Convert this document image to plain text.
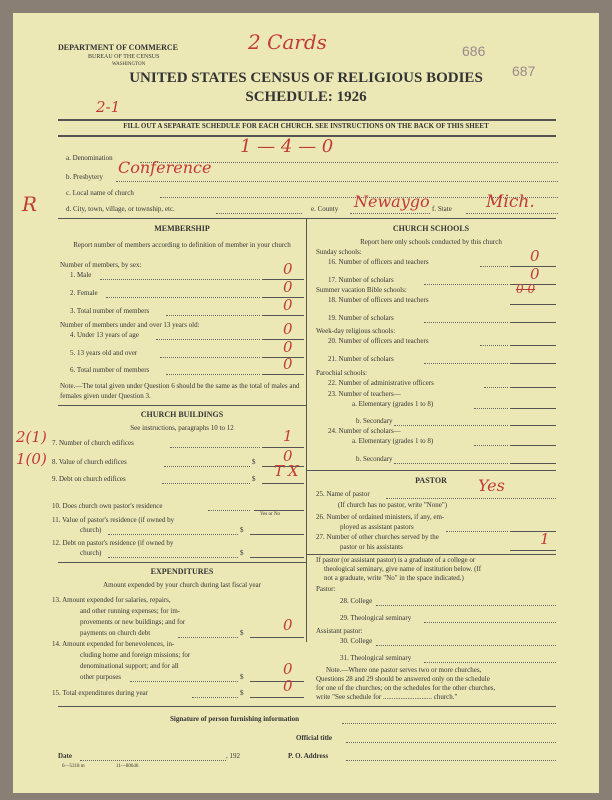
DEPARTMENT OF COMMERCE
BUREAU OF THE CENSUS
WASHINGTON
UNITED STATES CENSUS OF RELIGIOUS BODIES
SCHEDULE: 1926
FILL OUT A SEPARATE SCHEDULE FOR EACH CHURCH. SEE INSTRUCTIONS ON THE BACK OF THIS SHEET
2 Cards	686
687
2-1
a. Denomination
1 — 4 — 0
b. Presbytery Conference
c. Local name of church
R	d. City, town, village, or township, etc.	e. County Newaygo f. State Mich.
MEMBERSHIP
Report number of members according to definition of member in your church
Number of members, by sex:
1. Male	0
2. Female	0
3. Total number of members	0
Number of members under and over 13 years old:
4. Under 13 years of age	0
5. 13 years old and over	0
6. Total number of members	0
Note.—The total given under Question 6 should be the same as the total of males and females given under Question 3.
CHURCH BUILDINGS
See instructions, paragraphs 10 to 12
2(1) 7. Number of church edifices	1
1(0) 8. Value of church edifices	$ 0
9. Debt on church edifices	$ TX
10. Does church own pastor's residence
Yes or No
11. Value of pastor's residence (if owned by
church)	$
12. Debt on pastor's residence (if owned by
church)	$
EXPENDITURES
Amount expended by your church during last fiscal year
13. Amount expended for salaries, repairs,
and other running expenses; for im-
provements or new buildings; and for
payments on church debt	$	0
14. Amount expended for benevolences, in-
cluding home and foreign missions; for
denominational support; and for all
other purposes	$	0
15. Total expenditures during year	$	0
CHURCH SCHOOLS
Report here only schools conducted by this church
Sunday schools:
16. Number of officers and teachers	0
17. Number of scholars	0
Summer vacation Bible schools:
18. Number of officers and teachers
0 0
19. Number of scholars
Week-day religious schools:
20. Number of officers and teachers
21. Number of scholars
Parochial schools:
22. Number of administrative officers
23. Number of teachers—
a. Elementary (grades 1 to 8)
b. Secondary
24. Number of scholars—
a. Elementary (grades 1 to 8)
b. Secondary
PASTOR
25. Name of pastor	Yes
(If church has no pastor, write "None")
26. Number of ordained ministers, if any, em-
ployed as assistant pastors
27. Number of other churches served by the
pastor or his assistants	1
If pastor (or assistant pastor) is a graduate of a college or
theological seminary, give name of institution below. (If
not a graduate, write "No" in the space indicated.)
Pastor:
28. College
29. Theological seminary
Assistant pastor:
30. College
31. Theological seminary
Note.—Where one pastor serves two or more churches,
Questions 28 and 29 should be answered only on the schedule
for one of the churches; on the schedules for the other churches,
write "See schedule for ............................ church."
Signature of person furnishing information
Official title
Date	, 192	P. O. Address
6—5318 m	11—80646
